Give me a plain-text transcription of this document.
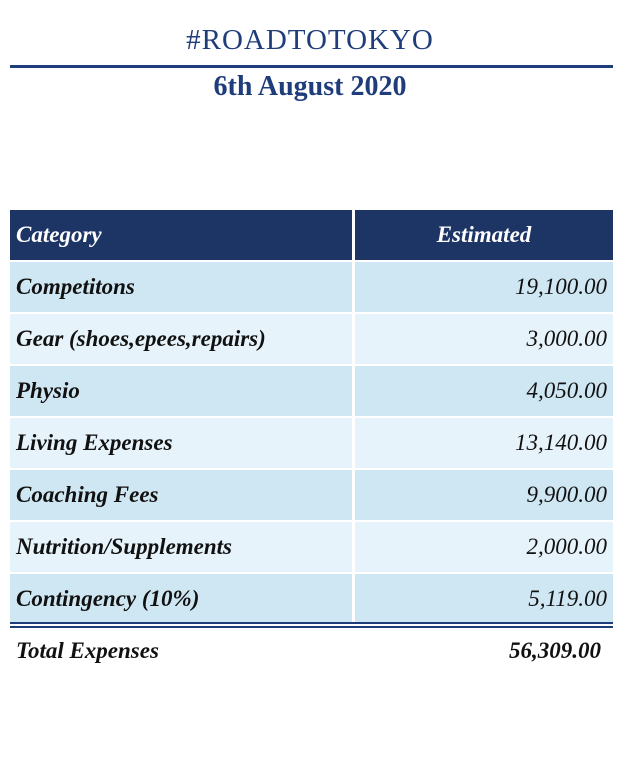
#ROADTOTOKYO
6th August 2020
Category	Estimated
Competitons	19,100.00
Gear (shoes,epees,repairs)	3,000.00
Physio	4,050.00
Living Expenses	13,140.00
Coaching Fees	9,900.00
Nutrition/Supplements	2,000.00
Contingency (10%)	5,119.00
Total Expenses	56,309.00
